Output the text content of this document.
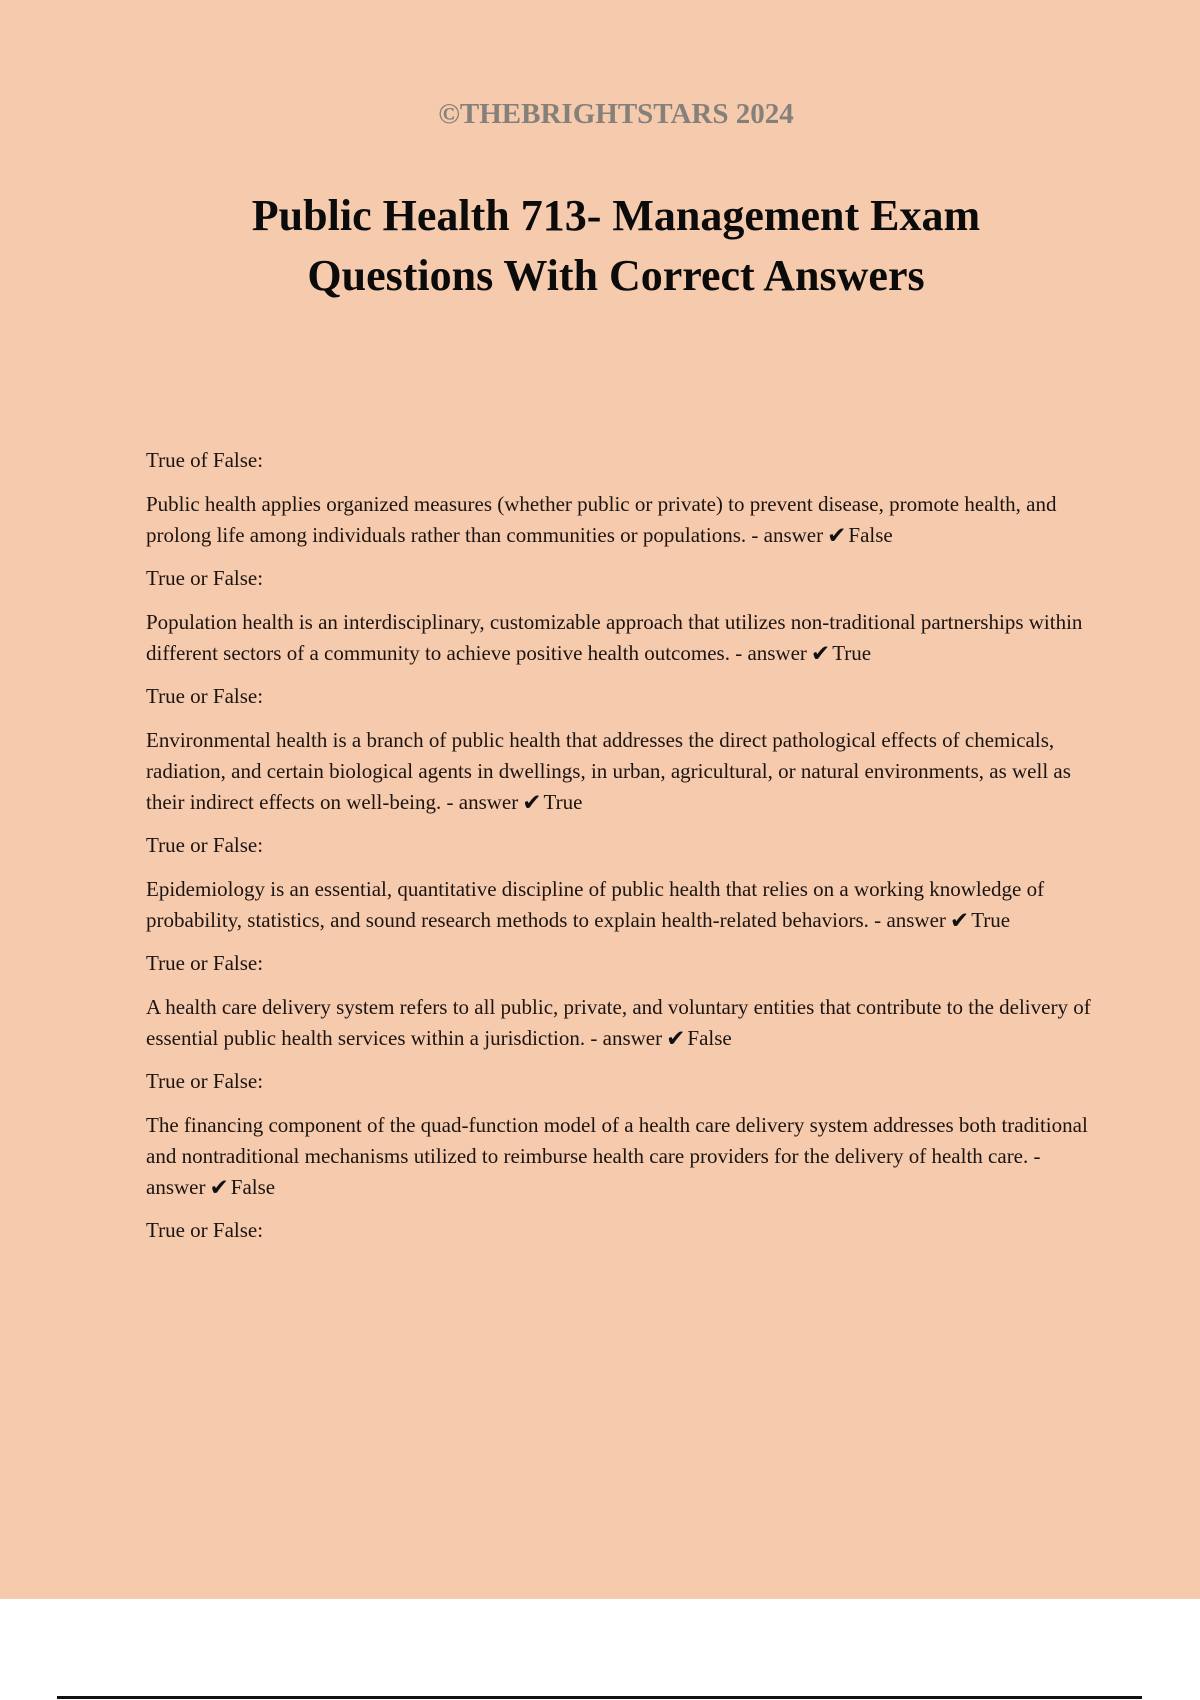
©THEBRIGHTSTARS 2024
Public Health 713- Management Exam
Questions With Correct Answers

True of False:

Public health applies organized measures (whether public or private) to prevent disease, promote health, and prolong life among individuals rather than communities or populations. - answer ✔False

True or False:

Population health is an interdisciplinary, customizable approach that utilizes non-traditional partnerships within different sectors of a community to achieve positive health outcomes. - answer ✔True

True or False:

Environmental health is a branch of public health that addresses the direct pathological effects of chemicals, radiation, and certain biological agents in dwellings, in urban, agricultural, or natural environments, as well as their indirect effects on well-being. - answer ✔True

True or False:

Epidemiology is an essential, quantitative discipline of public health that relies on a working knowledge of probability, statistics, and sound research methods to explain health-related behaviors. - answer ✔True

True or False:

A health care delivery system refers to all public, private, and voluntary entities that contribute to the delivery of essential public health services within a jurisdiction. - answer ✔False

True or False:

The financing component of the quad-function model of a health care delivery system addresses both traditional and nontraditional mechanisms utilized to reimburse health care providers for the delivery of health care. - answer ✔False

True or False:
